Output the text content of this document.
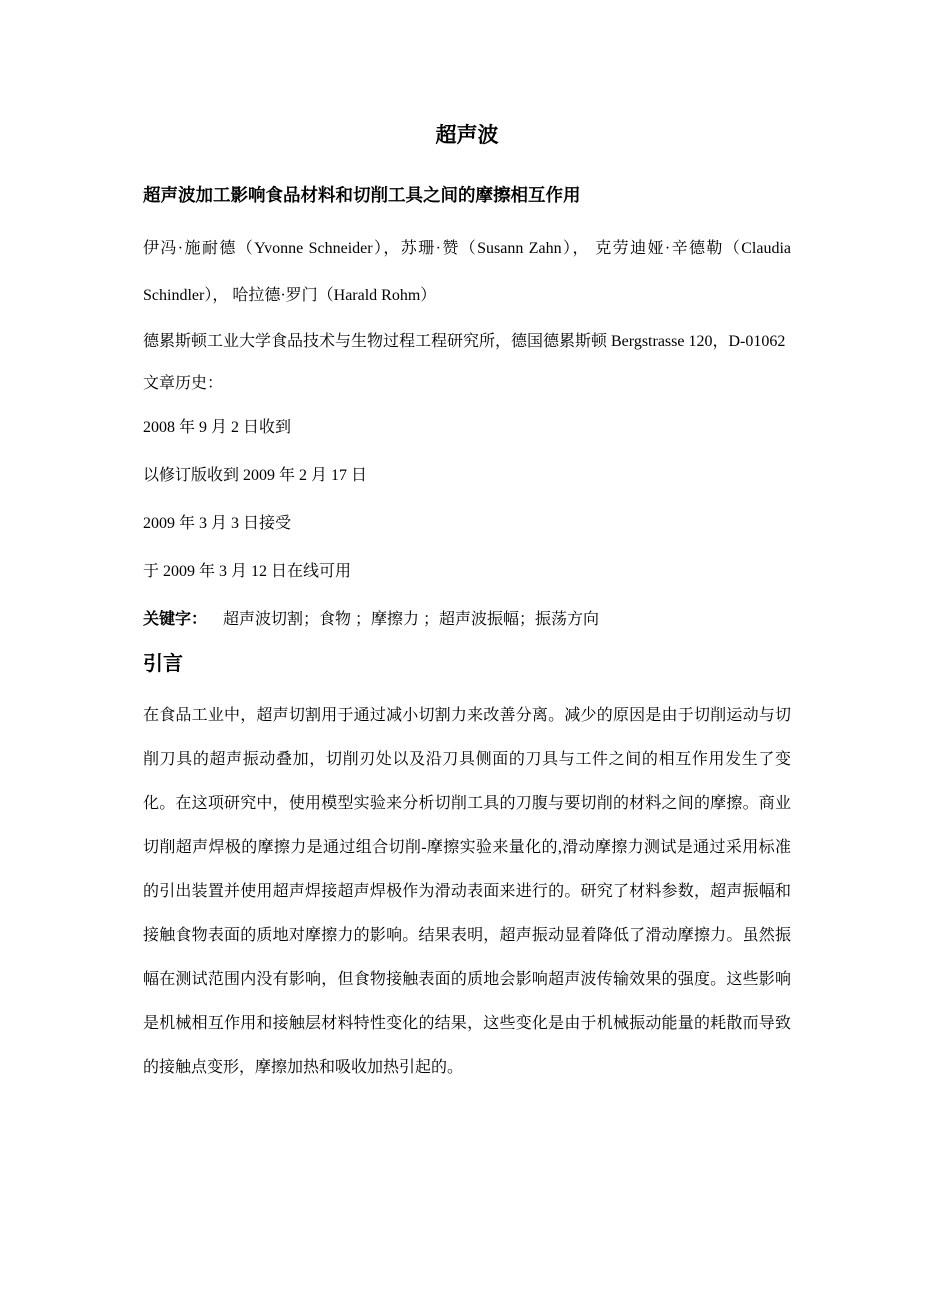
超声波
超声波加工影响食品材料和切削工具之间的摩擦相互作用

伊冯·施耐德（Yvonne Schneider），苏珊·赞（Susann Zahn）， 克劳迪娅·辛德勒（Claudia Schindler）， 哈拉德·罗门（Harald Rohm）

德累斯顿工业大学食品技术与生物过程工程研究所，德国德累斯顿 Bergstrasse 120，D-01062

文章历史：

2008 年 9 月 2 日收到

以修订版收到 2009 年 2 月 17 日

2009 年 3 月 3 日接受

于 2009 年 3 月 12 日在线可用

关键字： 超声波切割；食物 ；摩擦力 ；超声波振幅；振荡方向

引言

在食品工业中，超声切割用于通过减小切割力来改善分离。减少的原因是由于切削运动与切削刀具的超声振动叠加，切削刃处以及沿刀具侧面的刀具与工件之间的相互作用发生了变化。在这项研究中，使用模型实验来分析切削工具的刀腹与要切削的材料之间的摩擦。商业切削超声焊极的摩擦力是通过组合切削-摩擦实验来量化的,滑动摩擦力测试是通过采用标准的引出装置并使用超声焊接超声焊极作为滑动表面来进行的。研究了材料参数，超声振幅和接触食物表面的质地对摩擦力的影响。结果表明，超声振动显着降低了滑动摩擦力。虽然振幅在测试范围内没有影响，但食物接触表面的质地会影响超声波传输效果的强度。这些影响是机械相互作用和接触层材料特性变化的结果，这些变化是由于机械振动能量的耗散而导致的接触点变形，摩擦加热和吸收加热引起的。
